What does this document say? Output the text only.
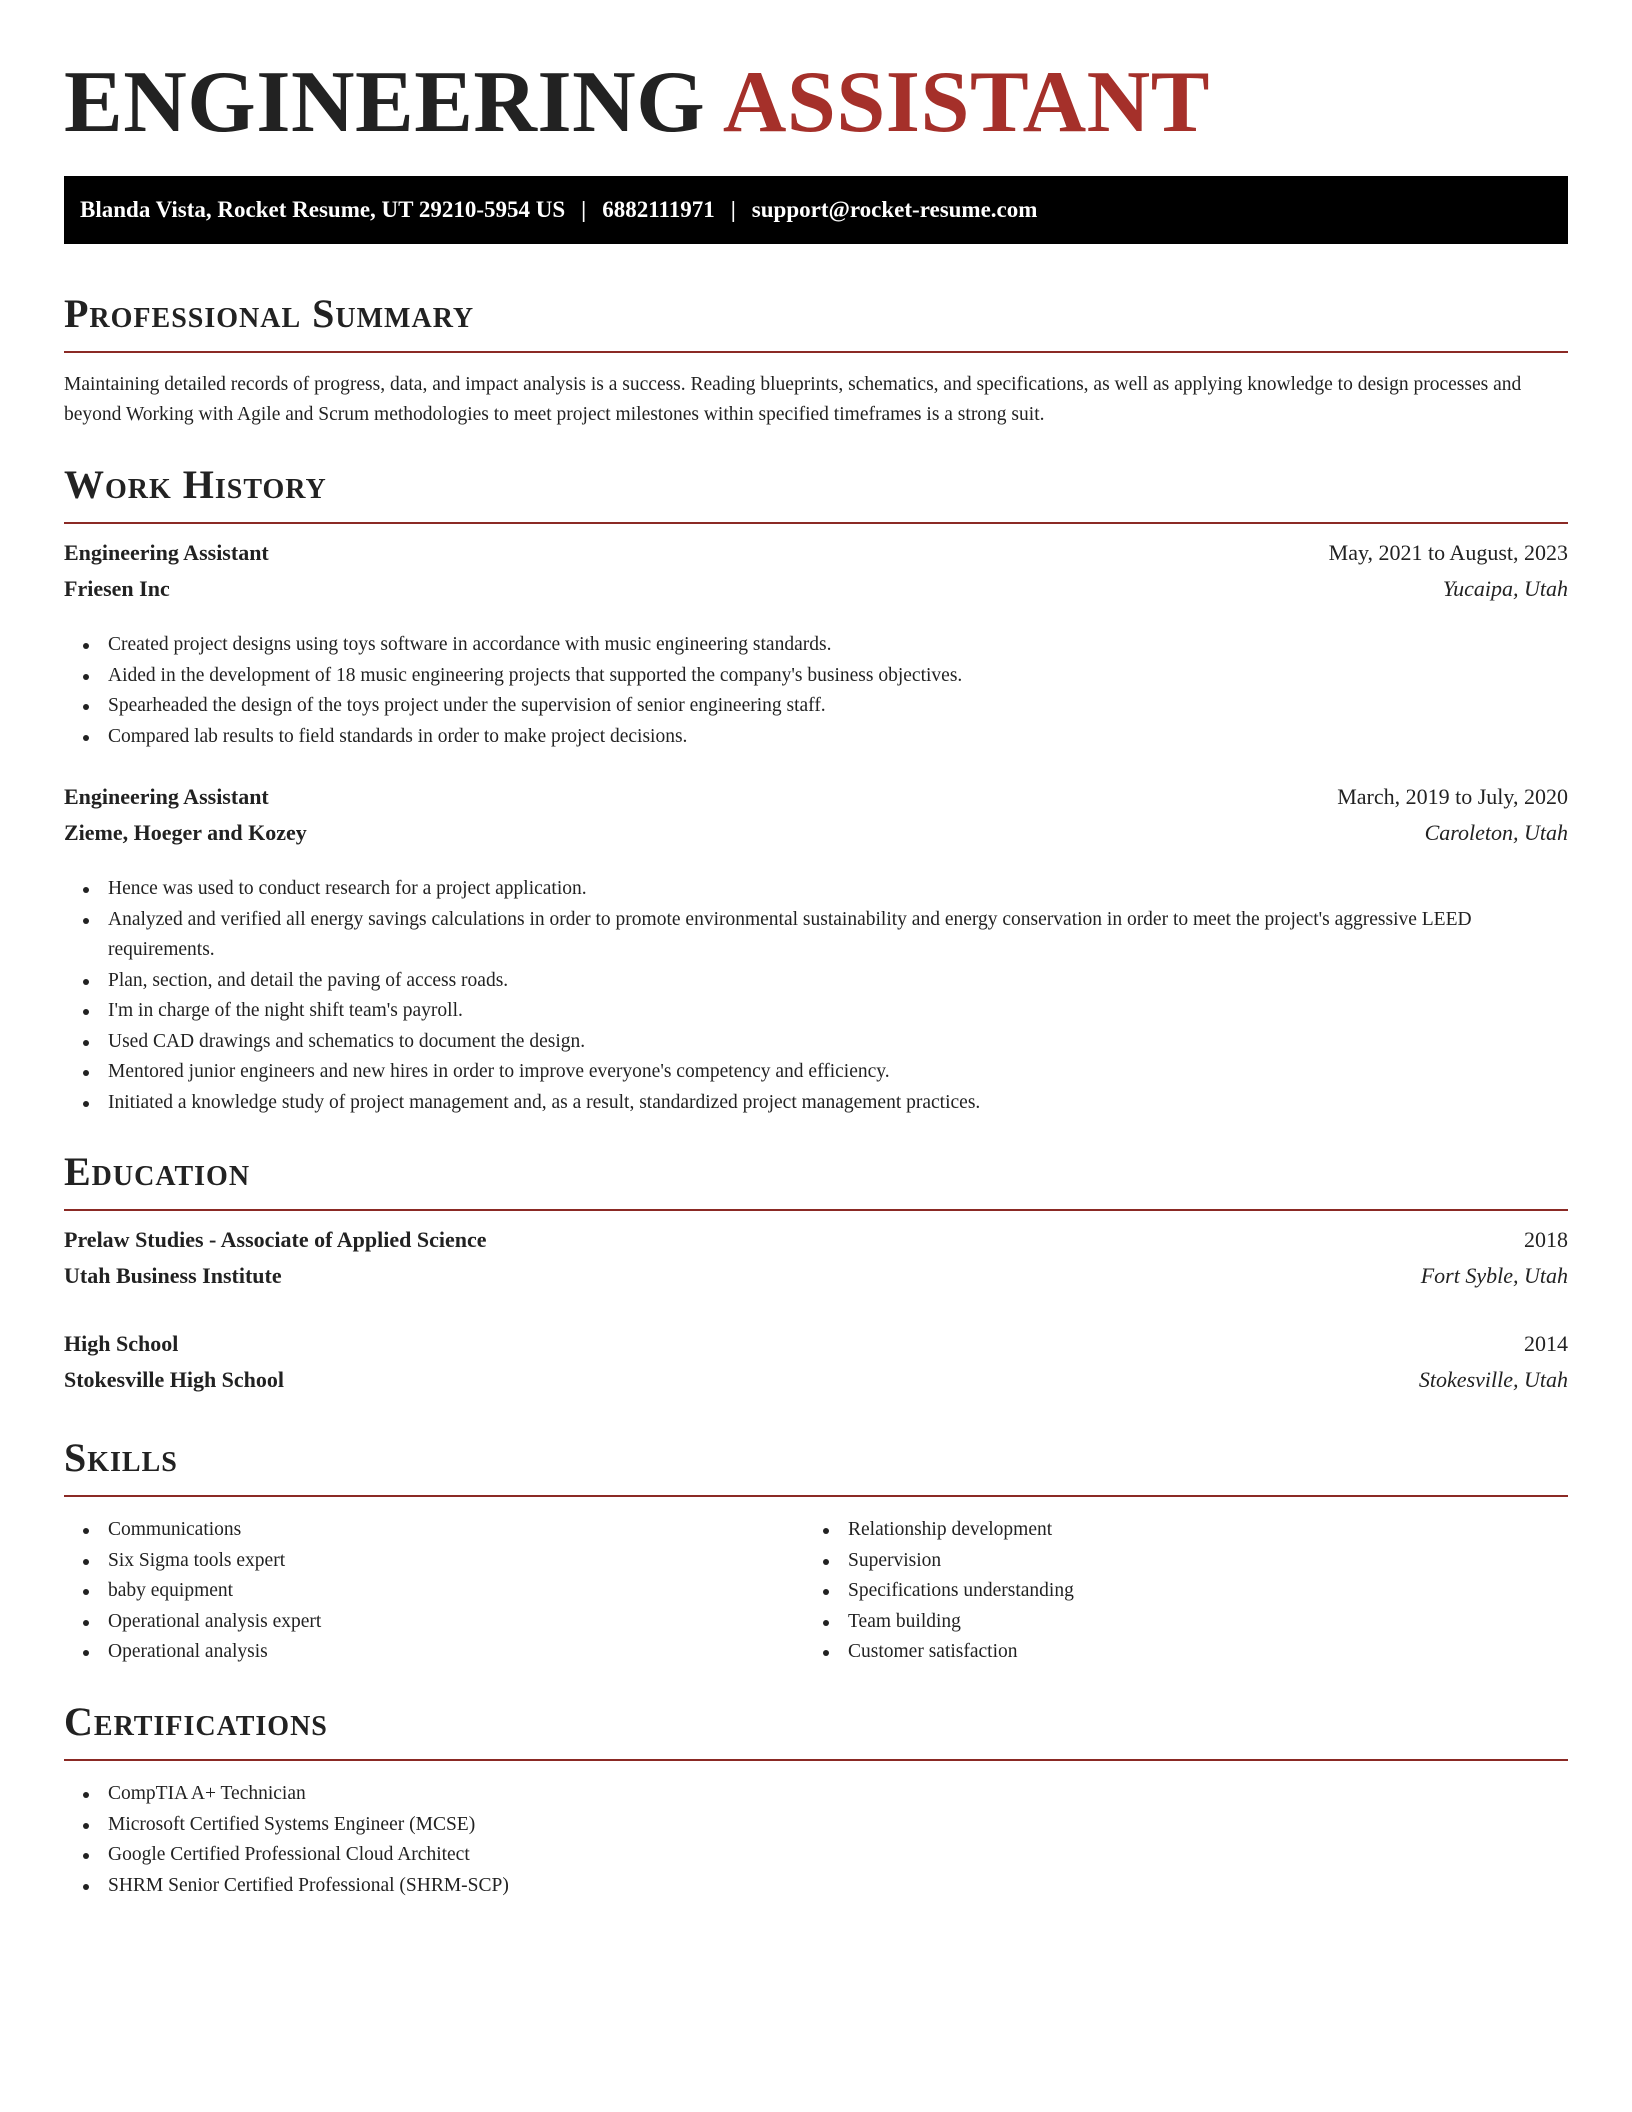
ENGINEERING ASSISTANT
Blanda Vista, Rocket Resume, UT 29210-5954 US | 6882111971 | support@rocket-resume.com
Professional Summary

Maintaining detailed records of progress, data, and impact analysis is a success. Reading blueprints, schematics, and specifications, as well as applying knowledge to design processes and beyond Working with Agile and Scrum methodologies to meet project milestones within specified timeframes is a strong suit.

Work History
Engineering Assistant	May, 2021 to August, 2023
Friesen Inc	Yucaipa, Utah
Created project designs using toys software in accordance with music engineering standards.
Aided in the development of 18 music engineering projects that supported the company's business objectives.
Spearheaded the design of the toys project under the supervision of senior engineering staff.
Compared lab results to field standards in order to make project decisions.
Engineering Assistant	March, 2019 to July, 2020
Zieme, Hoeger and Kozey	Caroleton, Utah
Hence was used to conduct research for a project application.
Analyzed and verified all energy savings calculations in order to promote environmental sustainability and energy conservation in order to meet the project's aggressive LEED requirements.
Plan, section, and detail the paving of access roads.
I'm in charge of the night shift team's payroll.
Used CAD drawings and schematics to document the design.
Mentored junior engineers and new hires in order to improve everyone's competency and efficiency.
Initiated a knowledge study of project management and, as a result, standardized project management practices.
Education
Prelaw Studies - Associate of Applied Science	2018
Utah Business Institute	Fort Syble, Utah
High School	2014
Stokesville High School	Stokesville, Utah
Skills
Communications
Six Sigma tools expert
baby equipment
Operational analysis expert
Operational analysis
Relationship development
Supervision
Specifications understanding
Team building
Customer satisfaction
Certifications
CompTIA A+ Technician
Microsoft Certified Systems Engineer (MCSE)
Google Certified Professional Cloud Architect
SHRM Senior Certified Professional (SHRM-SCP)
